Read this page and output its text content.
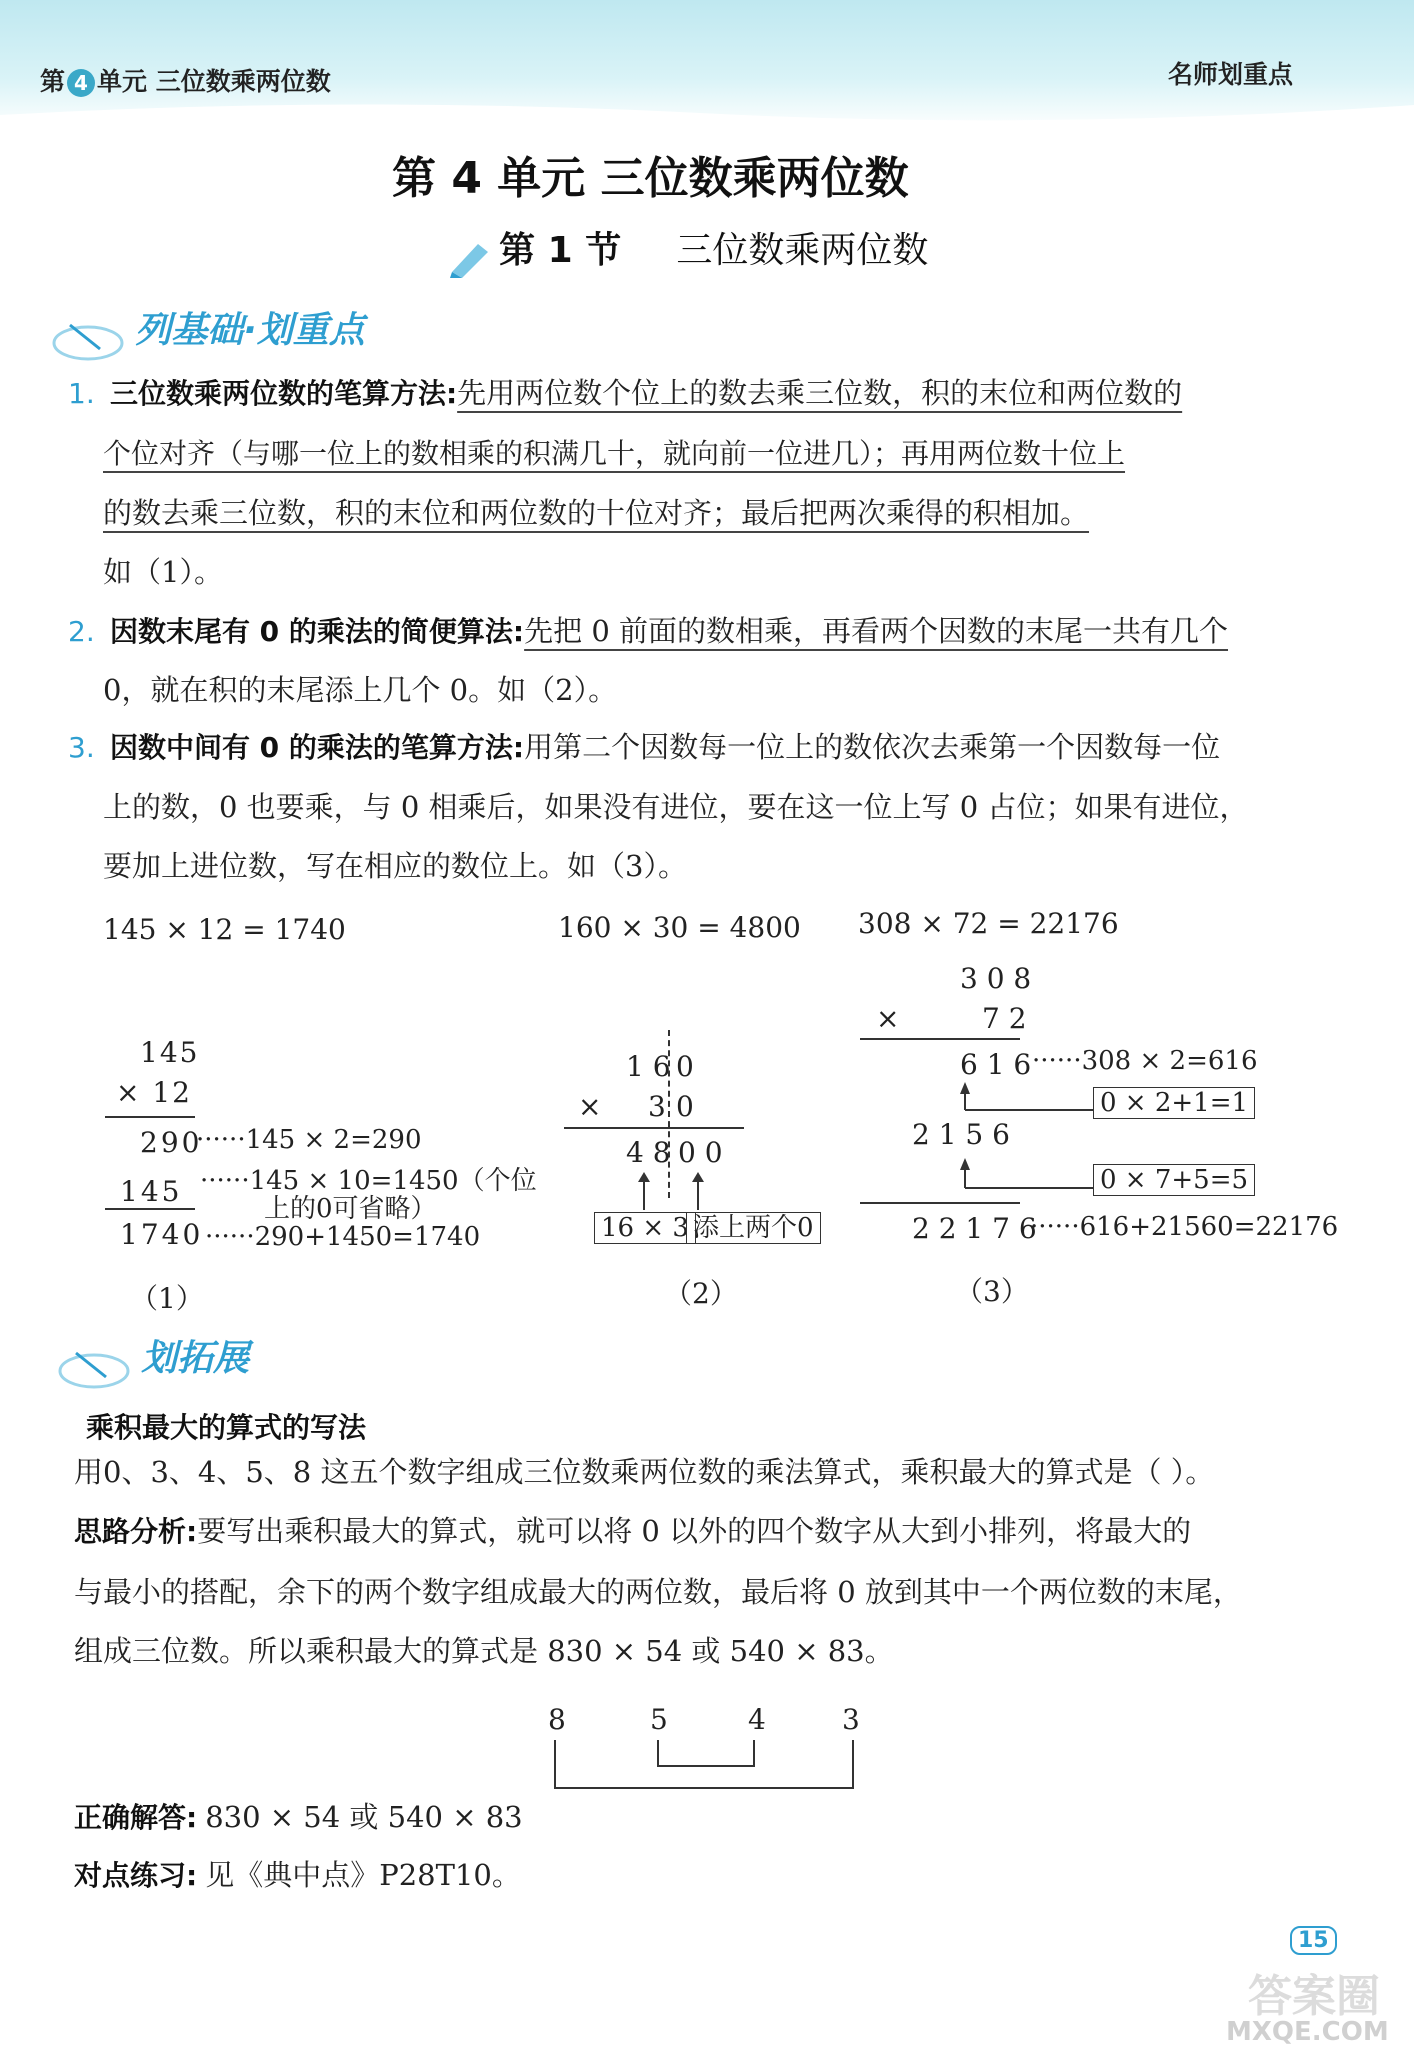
第 4 单元 三位数乘两位数	名师划重点
第 4 单元 三位数乘两位数
第 1 节 三位数乘两位数
列基础·划重点
1. 三位数乘两位数的笔算方法:先用两位数个位上的数去乘三位数，积的末位和两位数的
个位对齐（与哪一位上的数相乘的积满几十，就向前一位进几）；再用两位数十位上
的数去乘三位数，积的末位和两位数的十位对齐；最后把两次乘得的积相加。
如（1）。
2. 因数末尾有 0 的乘法的简便算法:先把 0 前面的数相乘，再看两个因数的末尾一共有几个
0，就在积的末尾添上几个 0。如（2）。
3. 因数中间有 0 的乘法的笔算方法:用第二个因数每一位上的数依次去乘第一个因数每一位
上的数，0 也要乘，与 0 相乘后，如果没有进位，要在这一位上写 0 占位；如果有进位，
要加上进位数，写在相应的数位上。如（3）。
145 × 12 = 1740
145
× 12
290
······145 × 2=290
145 ······145 × 10=1450（个位
上的0可省略）
1740 ······290+1450=1740
（1）
160 × 30 = 4800
1 6 0
× 3 0
4 8 0 0
16 × 3 添上两个0
（2）
308 × 72 = 22176
3 0 8
×	7 2
6 1 6 ······308 × 2=616
0 × 2+1=1
2 1 5 6
0 × 7+5=5
2 2 1 7 6
······616+21560=22176
（3）
划拓展
乘积最大的算式的写法
用0、3、4、5、8 这五个数字组成三位数乘两位数的乘法算式，乘积最大的算式是（ ）。
思路分析:要写出乘积最大的算式，就可以将 0 以外的四个数字从大到小排列，将最大的
与最小的搭配，余下的两个数字组成最大的两位数，最后将 0 放到其中一个两位数的末尾，
组成三位数。所以乘积最大的算式是 830 × 54 或 540 × 83。
8	5	4	3
正确解答: 830 × 54 或 540 × 83
对点练习: 见《典中点》P28T10。
15
答案圈
MXQE.COM
